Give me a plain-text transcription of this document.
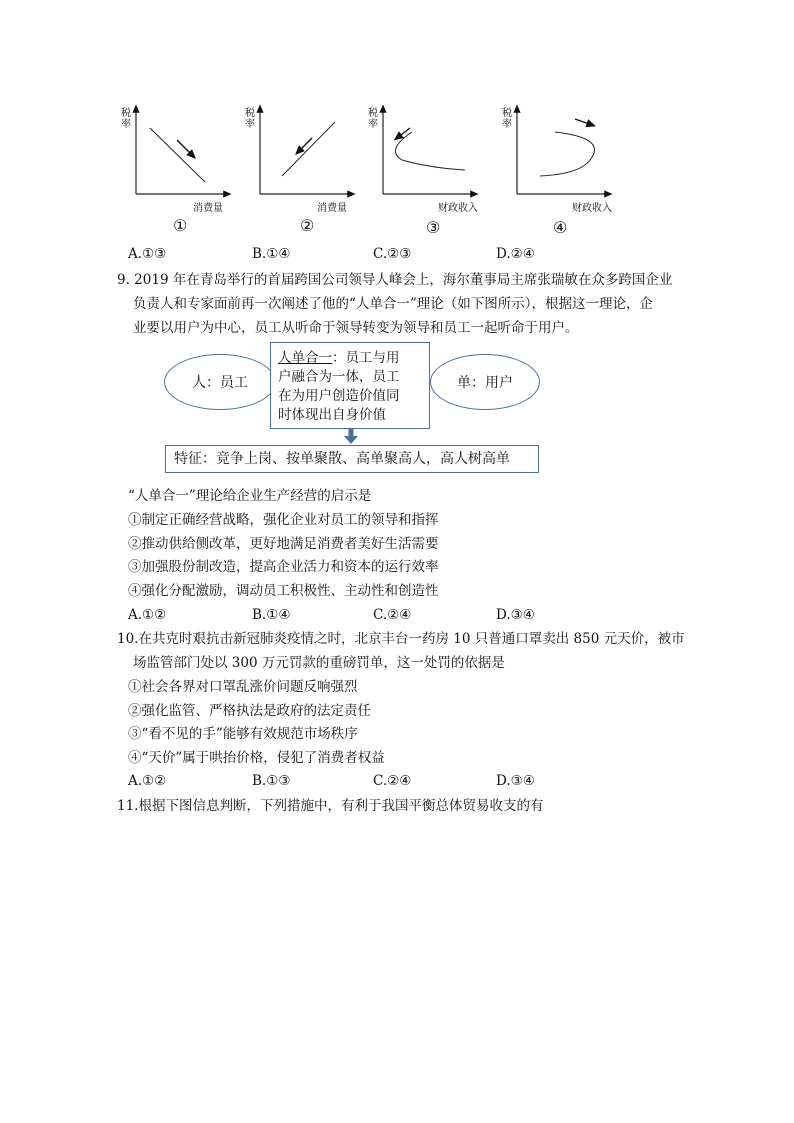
税率
税率
税率
税率
消费量	消费量	财政收入	财政收入
①	②	③	④
A.①③	B.①④	C.②③	D.②④
9. 2019 年在青岛举行的首届跨国公司领导人峰会上，海尔董事局主席张瑞敏在众多跨国企业
负责人和专家面前再一次阐述了他的“人单合一”理论（如下图所示），根据这一理论，企
业要以用户为中心，员工从听命于领导转变为领导和员工一起听命于用户。
人：员工	单：用户
人单合一：员工与用
户融合为一体，员工
在为用户创造价值同
时体现出自身价值
特征：竞争上岗、按单聚散、高单聚高人，高人树高单
“人单合一”理论给企业生产经营的启示是
①制定正确经营战略，强化企业对员工的领导和指挥
②推动供给侧改革，更好地满足消费者美好生活需要
③加强股份制改造，提高企业活力和资本的运行效率
④强化分配激励，调动员工积极性、主动性和创造性
A.①②	B.①④	C.②④	D.③④
10.在共克时艰抗击新冠肺炎疫情之时，北京丰台一药房 10 只普通口罩卖出 850 元天价，被市
场监管部门处以 300 万元罚款的重磅罚单，这一处罚的依据是
①社会各界对口罩乱涨价问题反响强烈
②强化监管、严格执法是政府的法定责任
③“看不见的手”能够有效规范市场秩序
④“天价”属于哄抬价格，侵犯了消费者权益
A.①②	B.①③	C.②④	D.③④
11.根据下图信息判断，下列措施中，有利于我国平衡总体贸易收支的有
